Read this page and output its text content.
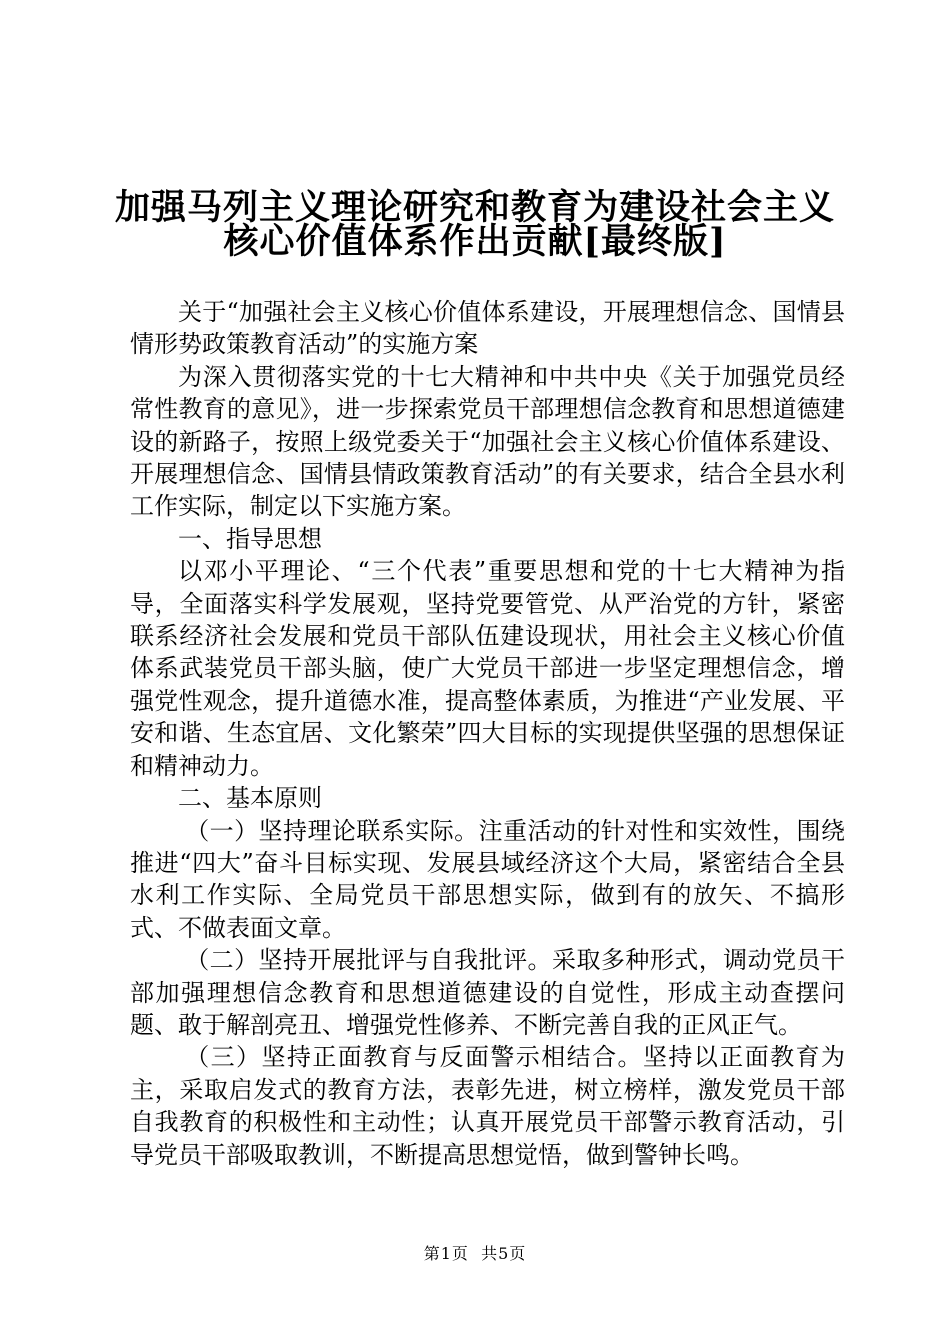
加强马列主义理论研究和教育为建设社会主义
核心价值体系作出贡献[最终版]

关于“加强社会主义核心价值体系建设，开展理想信念、国情县情形势政策教育活动”的实施方案

为深入贯彻落实党的十七大精神和中共中央《关于加强党员经常性教育的意见》，进一步探索党员干部理想信念教育和思想道德建设的新路子，按照上级党委关于“加强社会主义核心价值体系建设、开展理想信念、国情县情政策教育活动”的有关要求，结合全县水利工作实际，制定以下实施方案。

一、指导思想

以邓小平理论、“三个代表”重要思想和党的十七大精神为指导，全面落实科学发展观，坚持党要管党、从严治党的方针，紧密联系经济社会发展和党员干部队伍建设现状，用社会主义核心价值体系武装党员干部头脑，使广大党员干部进一步坚定理想信念，增强党性观念，提升道德水准，提高整体素质，为推进“产业发展、平安和谐、生态宜居、文化繁荣”四大目标的实现提供坚强的思想保证和精神动力。

二、基本原则

（一）坚持理论联系实际。注重活动的针对性和实效性，围绕推进“四大”奋斗目标实现、发展县域经济这个大局，紧密结合全县水利工作实际、全局党员干部思想实际，做到有的放矢、不搞形式、不做表面文章。

（二）坚持开展批评与自我批评。采取多种形式，调动党员干部加强理想信念教育和思想道德建设的自觉性，形成主动查摆问题、敢于解剖亮丑、增强党性修养、不断完善自我的正风正气。

（三）坚持正面教育与反面警示相结合。坚持以正面教育为主，采取启发式的教育方法，表彰先进，树立榜样，激发党员干部自我教育的积极性和主动性；认真开展党员干部警示教育活动，引导党员干部吸取教训，不断提高思想觉悟，做到警钟长鸣。

第1页  共5页
